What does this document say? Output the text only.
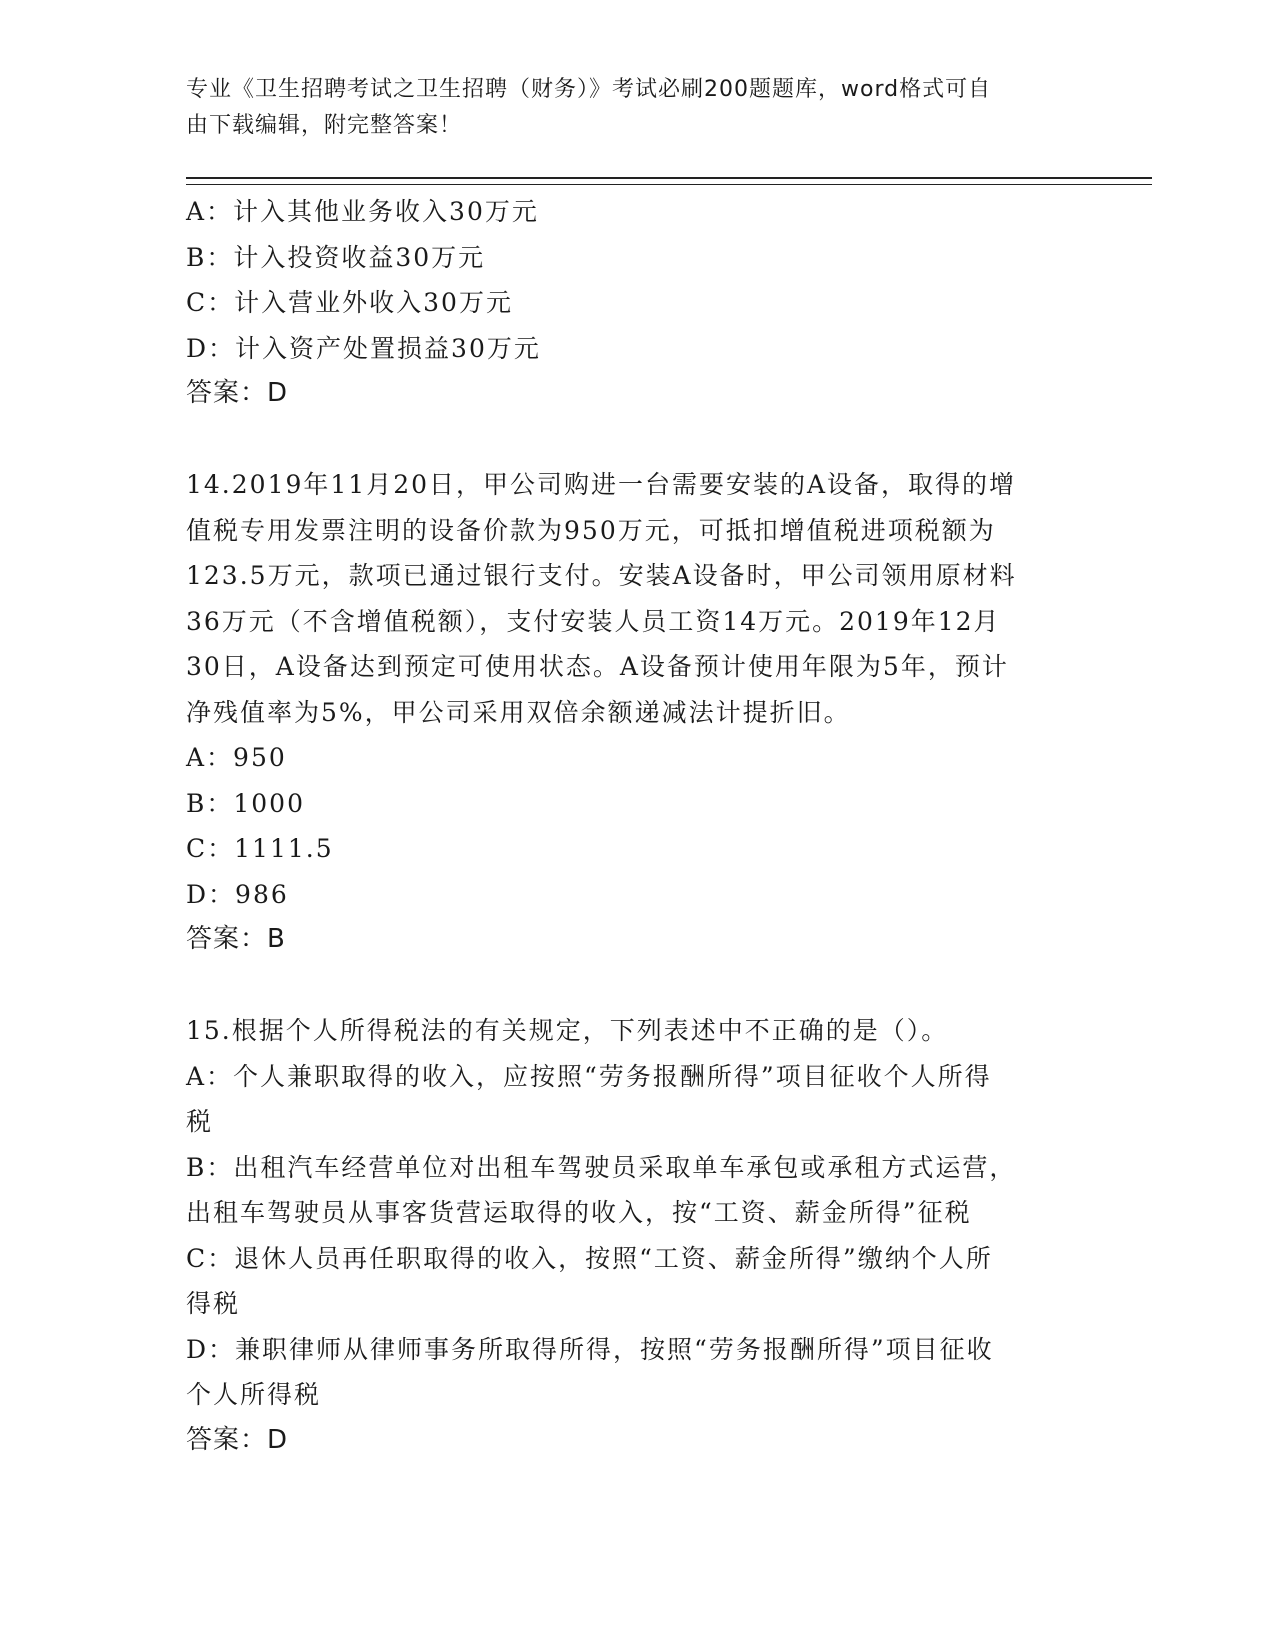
专业《卫生招聘考试之卫生招聘（财务）》考试必刷200题题库，word格式可自
由下载编辑，附完整答案！
A：计入其他业务收入30万元
B：计入投资收益30万元
C：计入营业外收入30万元
D：计入资产处置损益30万元
答案：D
14.2019年11月20日，甲公司购进一台需要安装的A设备，取得的增
值税专用发票注明的设备价款为950万元，可抵扣增值税进项税额为
123.5万元，款项已通过银行支付。安装A设备时，甲公司领用原材料
36万元（不含增值税额），支付安装人员工资14万元。2019年12月
30日，A设备达到预定可使用状态。A设备预计使用年限为5年，预计
净残值率为5%，甲公司采用双倍余额递减法计提折旧。
A：950
B：1000
C：1111.5
D：986
答案：B
15.根据个人所得税法的有关规定，下列表述中不正确的是（）。
A：个人兼职取得的收入，应按照“劳务报酬所得”项目征收个人所得
税
B：出租汽车经营单位对出租车驾驶员采取单车承包或承租方式运营，
出租车驾驶员从事客货营运取得的收入，按“工资、薪金所得”征税
C：退休人员再任职取得的收入，按照“工资、薪金所得”缴纳个人所
得税
D：兼职律师从律师事务所取得所得，按照“劳务报酬所得”项目征收
个人所得税
答案：D
